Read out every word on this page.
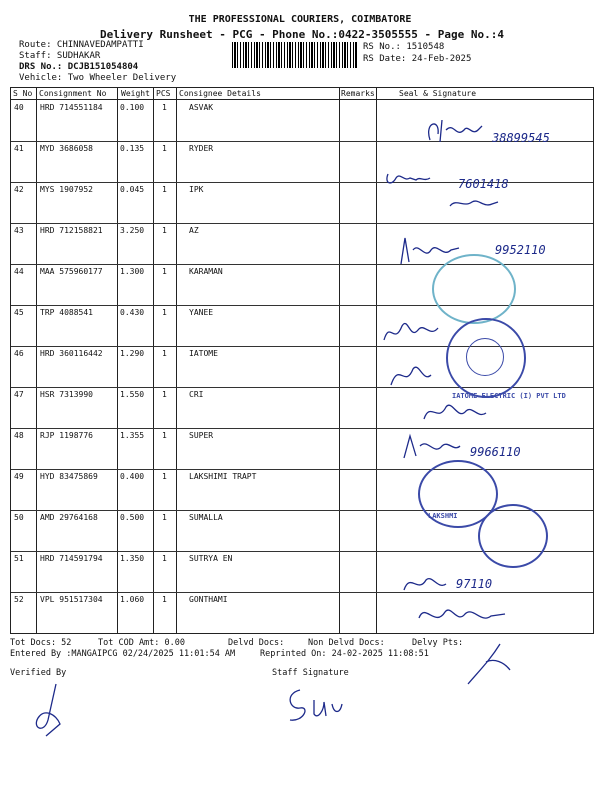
THE PROFESSIONAL COURIERS, COIMBATORE
Delivery Runsheet - PCG - Phone No.:0422-3505555 - Page No.:4
Route: CHINNAVEDAMPATTI
Staff: SUDHAKAR
DRS No.: DCJB151054804
Vehicle: Two Wheeler Delivery
RS No.: 1510548
RS Date: 24-Feb-2025
S No Consignment No Weight PCS Consignee Details	Remarks	Seal & Signature
40 HRD 714551184 0.100 1	ASVAK
41 MYD 3686058	0.135 1	RYDER
42 MYS 1907952	0.045 1	IPK
43 HRD 712158821 3.250 1	AZ
44 MAA 575960177 1.300 1	KARAMAN
45 TRP 4088541	0.430 1	YANEE
46 HRD 360116442 1.290 1	IATOME
47 HSR 7313990	1.550 1	CRI
48 RJP 1198776	1.355 1	SUPER
49 HYD 83475869	0.400 1	LAKSHIMI TRAPT
50 AMD 29764168	0.500 1	SUMALLA
51 HRD 714591794 1.350 1	SUTRYA EN
52 VPL 951517304 1.060 1	GONTHAMI
38899545
7601418
9952110
IATOME ELECTRIC (I) PVT LTD
9966110
LAKSHMI
97110
Tot Docs: 52	Tot COD Amt: 0.00	Delvd Docs:	Non Delvd Docs:	Delvy Pts:
Entered By :MANGAIPCG 02/24/2025 11:01:54 AM	Reprinted On: 24-02-2025 11:08:51
Verified By	Staff Signature
